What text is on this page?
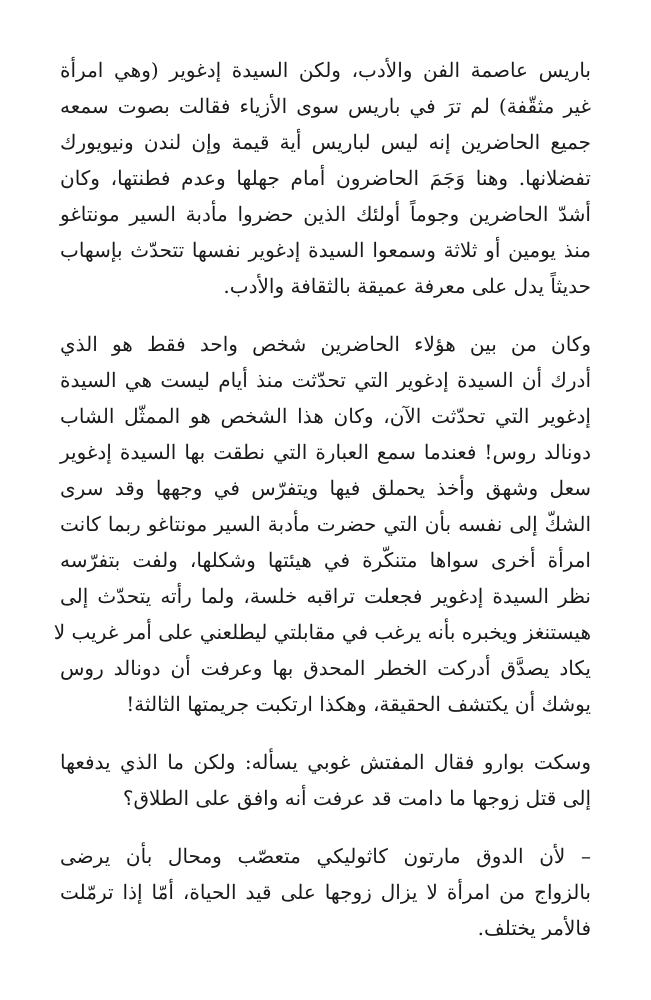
باريس عاصمة الفن والأدب، ولكن السيدة إدغوير (وهي امرأة
غير مثقّفة) لم ترَ في باريس سوى الأزياء فقالت بصوت سمعه
جميع الحاضرين إنه ليس لباريس أية قيمة وإن لندن ونيويورك
تفضلانها. وهنا وَجَمَ الحاضرون أمام جهلها وعدم فطنتها، وكان
أشدّ الحاضرين وجوماً أولئك الذين حضروا مأدبة السير مونتاغو
منذ يومين أو ثلاثة وسمعوا السيدة إدغوير نفسها تتحدّث بإسهاب
حديثاً يدل على معرفة عميقة بالثقافة والأدب.
وكان من بين هؤلاء الحاضرين شخص واحد فقط هو الذي
أدرك أن السيدة إدغوير التي تحدّثت منذ أيام ليست هي السيدة
إدغوير التي تحدّثت الآن، وكان هذا الشخص هو الممثّل الشاب
دونالد روس! فعندما سمع العبارة التي نطقت بها السيدة إدغوير
سعل وشهق وأخذ يحملق فيها ويتفرّس في وجهها وقد سرى
الشكّ إلى نفسه بأن التي حضرت مأدبة السير مونتاغو ربما كانت
امرأة أخرى سواها متنكّرة في هيئتها وشكلها، ولفت بتفرّسه
نظر السيدة إدغوير فجعلت تراقبه خلسة، ولما رأته يتحدّث إلى
هيستنغز ويخبره بأنه يرغب في مقابلتي ليطلعني على أمر غريب لا
يكاد يصدَّق أدركت الخطر المحدق بها وعرفت أن دونالد روس
يوشك أن يكتشف الحقيقة، وهكذا ارتكبت جريمتها الثالثة!
وسكت بوارو فقال المفتش غوبي يسأله: ولكن ما الذي يدفعها
إلى قتل زوجها ما دامت قد عرفت أنه وافق على الطلاق؟
– لأن الدوق مارتون كاثوليكي متعصّب ومحال بأن يرضى
بالزواج من امرأة لا يزال زوجها على قيد الحياة، أمّا إذا ترمّلت
فالأمر يختلف.
